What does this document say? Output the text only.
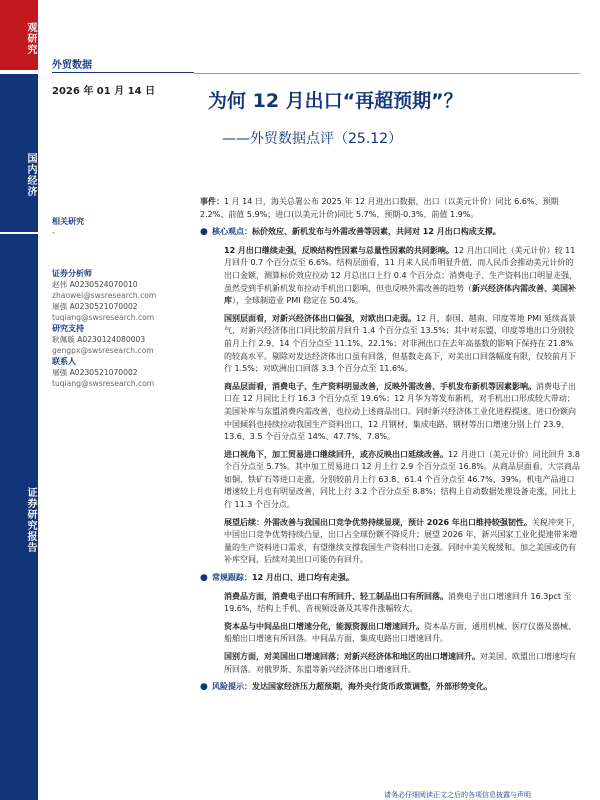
观研究
国内经济
证券研究报告
外贸数据
2026 年 01 月 14 日	为何 12 月出口“再超预期”？
——外贸数据点评（25.12）
相关研究
-
证券分析师
赵伟 A0230524070010
zhaowei@swsresearch.com
屠强 A0230521070002
tuqiang@swsresearch.com
研究支持
耿佩璇 A0230124080003
gengpx@swsresearch.com
联系人
屠强 A0230521070002
tuqiang@swsresearch.com

事件：1 月 14 日，海关总署公布 2025 年 12 月进出口数据，出口（以美元计价）同比 6.6%、预期 2.2%、前值 5.9%；进口(以美元计价)同比 5.7%、预期-0.3%、前值 1.9%。

● 核心观点：标价效应、新机发布与外需改善等因素，共同对 12 月出口构成支撑。

12 月出口继续走强，反映结构性因素与总量性因素的共同影响。12 月出口同比（美元计价）较 11 月回升 0.7 个百分点至 6.6%。结构层面看，11 月来人民币明显升值，而人民币会推动美元计价的出口金额，测算标价效应拉动 12 月总出口上行 0.4 个百分点；消费电子、生产资料出口明显走强，虽然受到手机新机发布拉动手机出口影响，但也反映外需改善的趋势（新兴经济体内需改善、美国补库），全球制造业 PMI 稳定在 50.4%。

国别层面看，对新兴经济体出口偏强，对欧出口走弱。12 月，泰国、越南、印度等地 PMI 延续高景气，对新兴经济体出口同比较前月回升 1.4 个百分点至 13.5%；其中对东盟、印度等地出口分别较前月上行 2.9、14 个百分点至 11.1%、22.1%；对非洲出口在去年高基数的影响下保持在 21.8%的较高水平。剔除对发达经济体出口虽有回落，但基数走高下，对美出口回落幅度有限，仅较前月下行 1.5%；对欧洲出口回落 3.3 个百分点至 11.6%。

商品层面看，消费电子、生产资料明显改善，反映外需改善、手机发布新机等因素影响。消费电子出口在 12 月同比上行 16.3 个百分点至 19.6%；12 月华为等发布新机，对手机出口形成较大带动；美国补库与东盟消费内需改善，也拉动上述商品出口。同时新兴经济体工业化进程提速、进口份额向中国倾斜也持续拉动我国生产资料出口，12 月钢材、集成电路、钢材等出口增速分别上行 23.9、13.6、3.5 个百分点至 14%、47.7%、7.8%。

进口视角下，加工贸易进口继续回升，或亦反映出口延续改善。12 月进口（美元计价）同比回升 3.8 个百分点至 5.7%。其中加工贸易进口 12 月上行 2.9 个百分点至 16.8%。从商品层面看，大宗商品如铜、铁矿石等进口走涨，分别较前月上行 63.8、61.4 个百分点至 46.7%、39%。机电产品进口增速较上月也有明显改善，同比上行 3.2 个百分点至 8.8%；结构上自动数据处理设备走涨，同比上行 11.3 个百分点。

展望后续：外需改善与我国出口竞争优势持续显现，预计 2026 年出口维持较强韧性。关税冲突下，中国出口竞争优势持续凸显，出口占全球份额不降反升；展望 2026 年，新兴国家工业化提速带来增量的生产资料进口需求，有望继续支撑我国生产资料出口走强。同时中美关税缓和、加之美国或仍有补库空间，后续对美出口可能仍有回升。

● 常规跟踪：12 月出口、进口均有走强。

消费品方面，消费电子出口有所回升、轻工制品出口有所回落。消费电子出口增速回升 16.3pct 至 19.6%，结构上手机、音视频设备及其零件涨幅较大。

资本品与中间品出口增速分化，能源资源出口增速回升。资本品方面，通用机械、医疗仪器及器械、船舶出口增速有所回落。中间品方面，集成电路出口增速回升。

国别方面，对美国出口增速回落；对新兴经济体和地区的出口增速回升。对美国、欧盟出口增速均有所回落。对俄罗斯、东盟等新兴经济体出口增速回升。

● 风险提示：发达国家经济压力超预期，海外央行货币政策调整，外部形势变化。
请务必仔细阅读正文之后的各项信息披露与声明
